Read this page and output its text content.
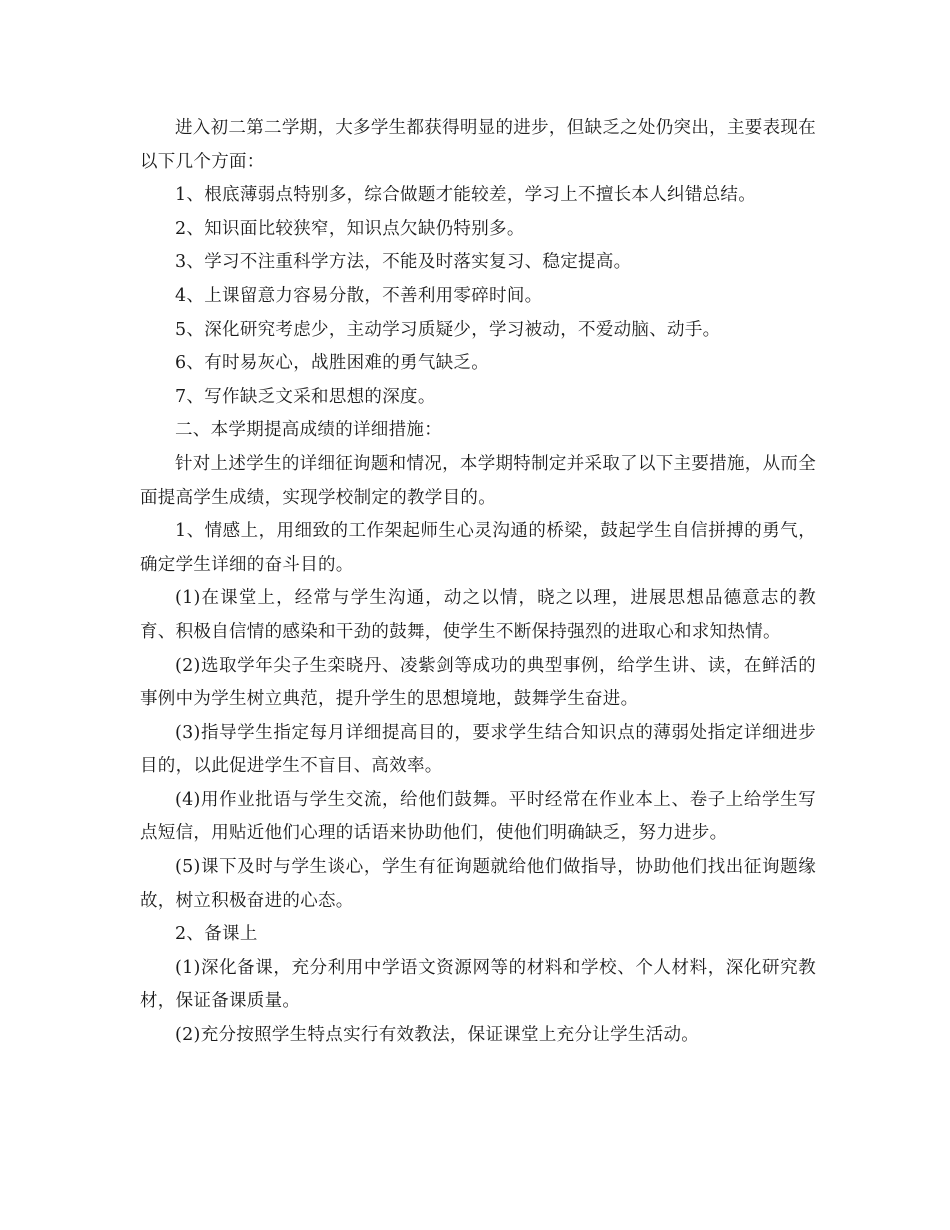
进入初二第二学期，大多学生都获得明显的进步，但缺乏之处仍突出，主要表现在以下几个方面：

1、根底薄弱点特别多，综合做题才能较差，学习上不擅长本人纠错总结。

2、知识面比较狭窄，知识点欠缺仍特别多。

3、学习不注重科学方法，不能及时落实复习、稳定提高。

4、上课留意力容易分散，不善利用零碎时间。

5、深化研究考虑少，主动学习质疑少，学习被动，不爱动脑、动手。

6、有时易灰心，战胜困难的勇气缺乏。

7、写作缺乏文采和思想的深度。

二、本学期提高成绩的详细措施：

针对上述学生的详细征询题和情况，本学期特制定并采取了以下主要措施，从而全面提高学生成绩，实现学校制定的教学目的。

1、情感上，用细致的工作架起师生心灵沟通的桥梁，鼓起学生自信拼搏的勇气，确定学生详细的奋斗目的。

(1)在课堂上，经常与学生沟通，动之以情，晓之以理，进展思想品德意志的教育、积极自信情的感染和干劲的鼓舞，使学生不断保持强烈的进取心和求知热情。

(2)选取学年尖子生栾晓丹、凌紫剑等成功的典型事例，给学生讲、读，在鲜活的事例中为学生树立典范，提升学生的思想境地，鼓舞学生奋进。

(3)指导学生指定每月详细提高目的，要求学生结合知识点的薄弱处指定详细进步目的，以此促进学生不盲目、高效率。

(4)用作业批语与学生交流，给他们鼓舞。平时经常在作业本上、卷子上给学生写点短信，用贴近他们心理的话语来协助他们，使他们明确缺乏，努力进步。

(5)课下及时与学生谈心，学生有征询题就给他们做指导，协助他们找出征询题缘故，树立积极奋进的心态。

2、备课上

(1)深化备课，充分利用中学语文资源网等的材料和学校、个人材料，深化研究教材，保证备课质量。

(2)充分按照学生特点实行有效教法，保证课堂上充分让学生活动。
